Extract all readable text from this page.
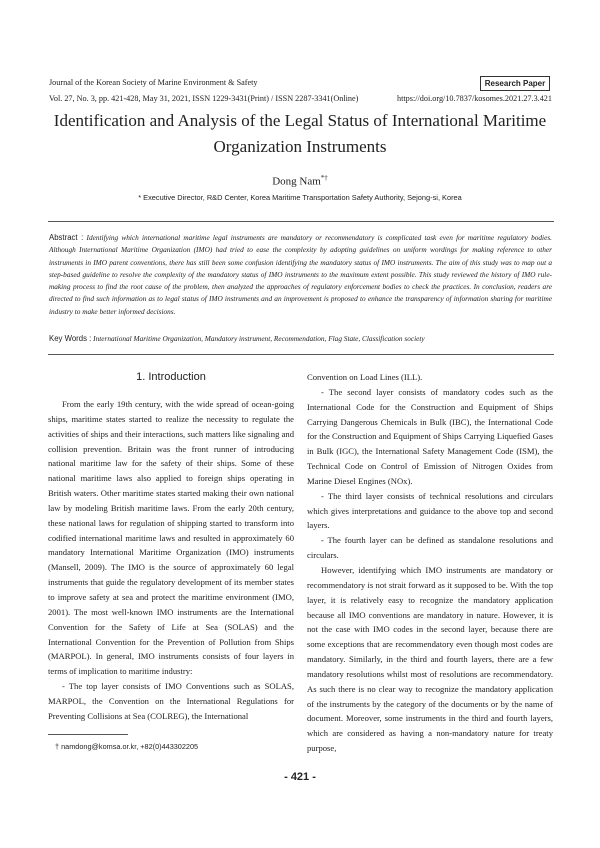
Journal of the Korean Society of Marine Environment & Safety	Research Paper
Vol. 27, No. 3, pp. 421-428, May 31, 2021, ISSN 1229-3431(Print) / ISSN 2287-3341(Online)	https://doi.org/10.7837/kosomes.2021.27.3.421
Identification and Analysis of the Legal Status of International Maritime Organization Instruments
Dong Nam*†
* Executive Director, R&D Center, Korea Maritime Transportation Safety Authority, Sejong-si, Korea
Abstract : Identifying which international maritime legal instruments are mandatory or recommendatory is complicated task even for maritime regulatory bodies. Although International Maritime Organization (IMO) had tried to ease the complexity by adopting guidelines on uniform wordings for making reference to other instruments in IMO parent conventions, there has still been some confusion identifying the mandatory status of IMO instruments. The aim of this study was to map out a step-based guideline to resolve the complexity of the mandatory status of IMO instruments to the maximum extent possible. This study reviewed the history of IMO rule-making process to find the root cause of the problem, then analyzed the approaches of regulatory enforcement bodies to check the practices. In conclusion, readers are directed to find such information as to legal status of IMO instruments and an improvement is proposed to enhance the transparency of information sharing for maritime industry to make better informed decisions.
Key Words : International Maritime Organization, Mandatory instrument, Recommendation, Flag State, Classification society
1. Introduction

From the early 19th century, with the wide spread of ocean-going ships, maritime states started to realize the necessity to regulate the activities of ships and their interactions, such matters like signaling and collision prevention. Britain was the front runner of introducing national maritime law for the safety of their ships. Some of these national maritime laws also applied to foreign ships operating in British waters. Other maritime states started making their own national law by modeling British maritime laws. From the early 20th century, these national laws for regulation of shipping started to transform into codified international maritime laws and resulted in approximately 60 mandatory International Maritime Organization (IMO) instruments (Mansell, 2009). The IMO is the source of approximately 60 legal instruments that guide the regulatory development of its member states to improve safety at sea and protect the maritime environment (IMO, 2001). The most well-known IMO instruments are the International Convention for the Safety of Life at Sea (SOLAS) and the International Convention for the Prevention of Pollution from Ships (MARPOL). In general, IMO instruments consists of four layers in terms of implication to maritime industry:

- The top layer consists of IMO Conventions such as SOLAS, MARPOL, the Convention on the International Regulations for Preventing Collisions at Sea (COLREG), the International

Convention on Load Lines (ILL).

- The second layer consists of mandatory codes such as the International Code for the Construction and Equipment of Ships Carrying Dangerous Chemicals in Bulk (IBC), the International Code for the Construction and Equipment of Ships Carrying Liquefied Gases in Bulk (IGC), the International Safety Management Code (ISM), the Technical Code on Control of Emission of Nitrogen Oxides from Marine Diesel Engines (NOx).

- The third layer consists of technical resolutions and circulars which gives interpretations and guidance to the above top and second layers.

- The fourth layer can be defined as standalone resolutions and circulars.

However, identifying which IMO instruments are mandatory or recommendatory is not strait forward as it supposed to be. With the top layer, it is relatively easy to recognize the mandatory application because all IMO conventions are mandatory in nature. However, it is not the case with IMO codes in the second layer, because there are some exceptions that are recommendatory even though most codes are mandatory. Similarly, in the third and fourth layers, there are a few mandatory resolutions whilst most of resolutions are recommendatory. As such there is no clear way to recognize the mandatory application of the instruments by the category of the documents or by the name of document. Moreover, some instruments in the third and fourth layers, which are considered as having a non-mandatory nature for treaty purpose,

† namdong@komsa.or.kr, +82(0)443302205
- 421 -
